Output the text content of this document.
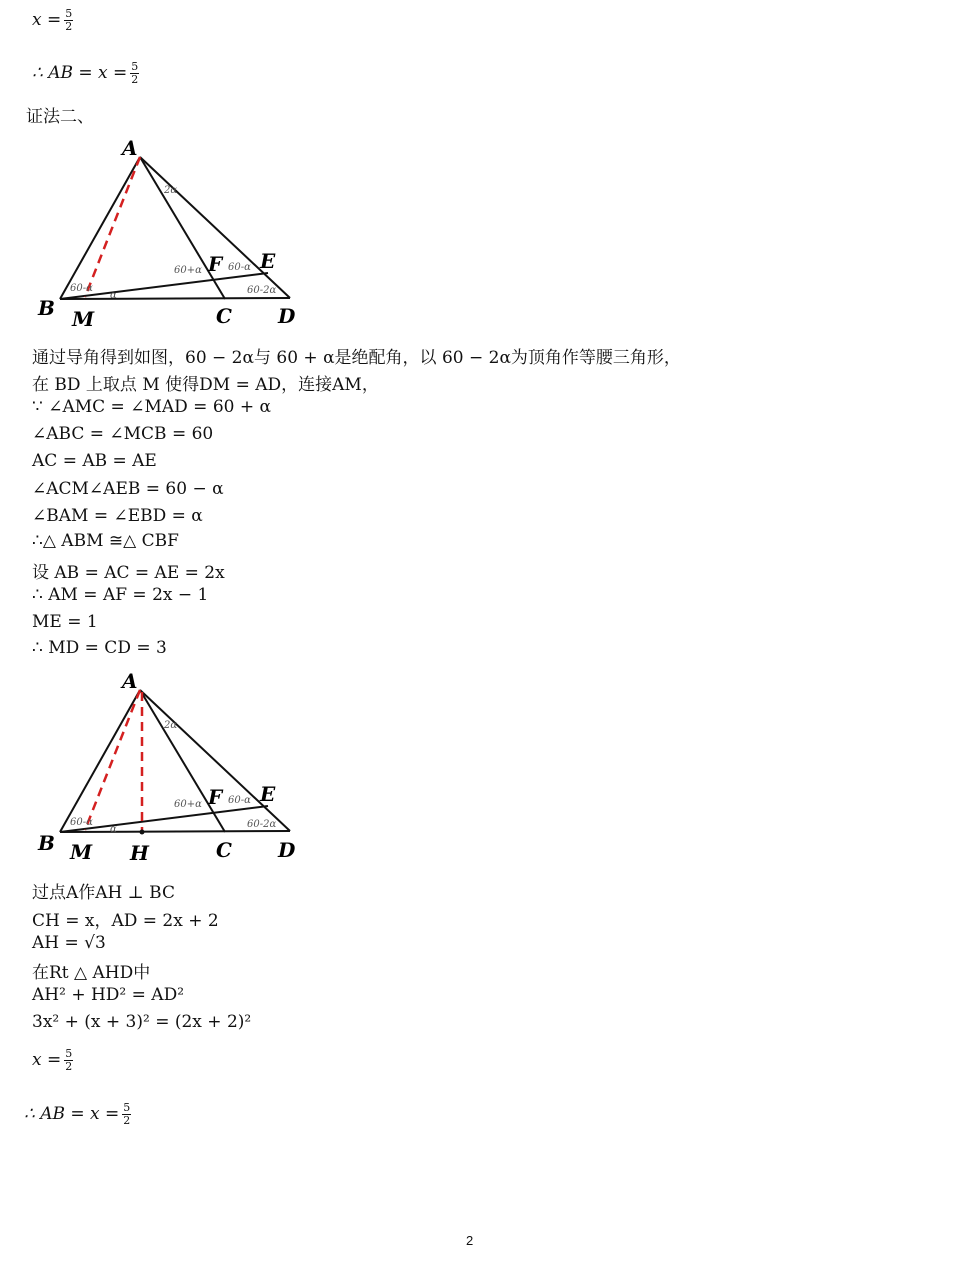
$x = \frac{5}{2}$
∴ AB = $x = \frac{5}{2}$
证法二、
A
B M	C D
E
F
2α
60+α	60-α
60-2α
60-α
α
通过导角得到如图，60 − 2α与 60 + α是绝配角，以 60 − 2α为顶角作等腰三角形，
在 BD 上取点 M 使得DM = AD，连接AM，
∵ ∠AMC = ∠MAD = 60 + α
∠ABC = ∠MCB = 60
AC = AB = AE
∠ACM∠AEB = 60 − α
∠BAM = ∠EBD = α
∴△ ABM ≅△ CBF
设 AB = AC = AE = 2x
∴ AM = AF = 2x − 1
ME = 1
∴ MD = CD = 3
A
B M H	C D
E
F
2α
60+α	60-α
60-2α
60-α
α
过点A作AH ⊥ BC
CH = x，AD = 2x + 2
AH = √3
在Rt △ AHD中
AH² + HD² = AD²
3x² + (x + 3)² = (2x + 2)²
$x = \frac{5}{2}$
∴ AB = $x = \frac{5}{2}$
2
